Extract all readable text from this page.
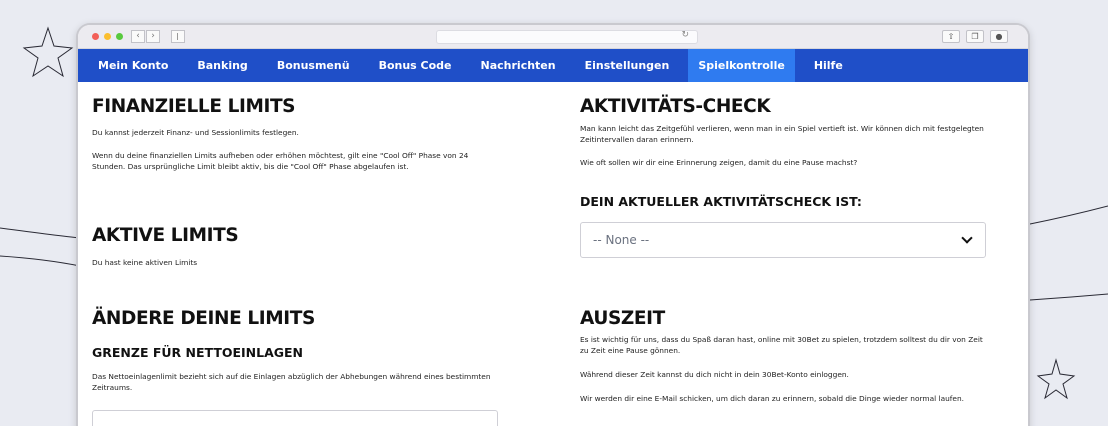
‹	›	↻	⇧	❐	●
Mein Konto	Banking	Bonusmenü	Bonus Code	Nachrichten	Einstellungen	Spielkontrolle	Hilfe
FINANZIELLE LIMITS
Du kannst jederzeit Finanz- und Sessionlimits festlegen.
Wenn du deine finanziellen Limits aufheben oder erhöhen möchtest, gilt eine "Cool Off" Phase von 24 Stunden. Das ursprüngliche Limit bleibt aktiv, bis die "Cool Off" Phase abgelaufen ist.
AKTIVE LIMITS
Du hast keine aktiven Limits
ÄNDERE DEINE LIMITS
GRENZE FÜR NETTOEINLAGEN
Das Nettoeinlagenlimit bezieht sich auf die Einlagen abzüglich der Abhebungen während eines bestimmten Zeitraums.
AKTIVITÄTS-CHECK
Man kann leicht das Zeitgefühl verlieren, wenn man in ein Spiel vertieft ist. Wir können dich mit festgelegten Zeitintervallen daran erinnern.
Wie oft sollen wir dir eine Erinnerung zeigen, damit du eine Pause machst?
DEIN AKTUELLER AKTIVITÄTSCHECK IST:
-- None --
AUSZEIT
Es ist wichtig für uns, dass du Spaß daran hast, online mit 30Bet zu spielen, trotzdem solltest du dir von Zeit zu Zeit eine Pause gönnen.
Während dieser Zeit kannst du dich nicht in dein 30Bet-Konto einloggen.
Wir werden dir eine E-Mail schicken, um dich daran zu erinnern, sobald die Dinge wieder normal laufen.
